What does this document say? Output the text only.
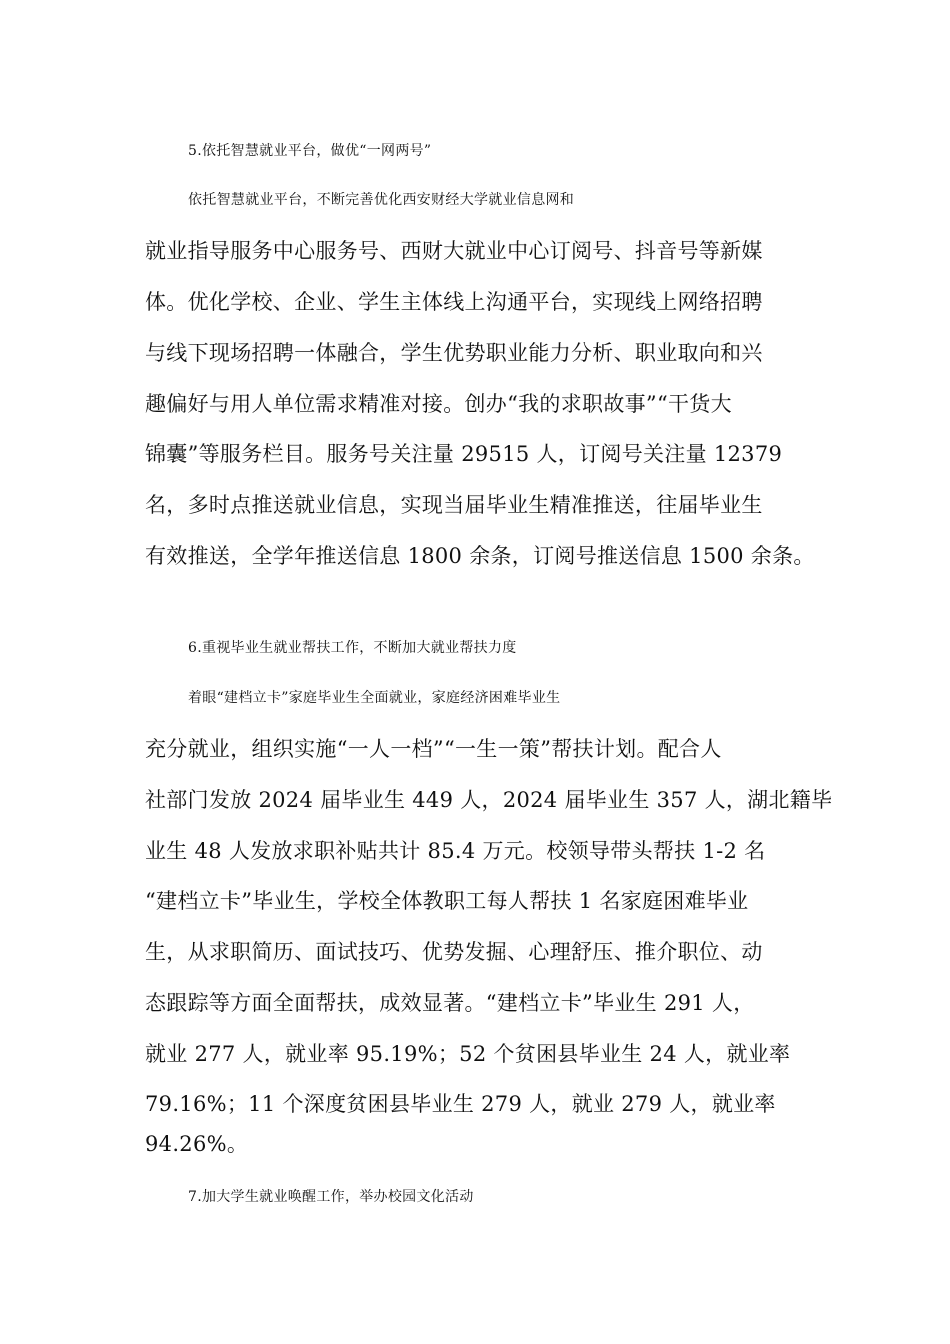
5.依托智慧就业平台，做优“一网两号”
依托智慧就业平台，不断完善优化西安财经大学就业信息网和
就业指导服务中心服务号、西财大就业中心订阅号、抖音号等新媒
体。优化学校、企业、学生主体线上沟通平台，实现线上网络招聘
与线下现场招聘一体融合，学生优势职业能力分析、职业取向和兴
趣偏好与用人单位需求精准对接。创办“我的求职故事”“干货大
锦囊”等服务栏目。服务号关注量 29515 人，订阅号关注量 12379
名，多时点推送就业信息，实现当届毕业生精准推送，往届毕业生
有效推送，全学年推送信息 1800 余条，订阅号推送信息 1500 余条。
6.重视毕业生就业帮扶工作，不断加大就业帮扶力度
着眼“建档立卡”家庭毕业生全面就业，家庭经济困难毕业生
充分就业，组织实施“一人一档”“一生一策”帮扶计划。配合人
社部门发放 2024 届毕业生 449 人，2024 届毕业生 357 人，湖北籍毕
业生 48 人发放求职补贴共计 85.4 万元。校领导带头帮扶 1-2 名
“建档立卡”毕业生，学校全体教职工每人帮扶 1 名家庭困难毕业
生，从求职简历、面试技巧、优势发掘、心理舒压、推介职位、动
态跟踪等方面全面帮扶，成效显著。“建档立卡”毕业生 291 人，
就业 277 人，就业率 95.19%；52 个贫困县毕业生 24 人，就业率
79.16%；11 个深度贫困县毕业生 279 人，就业 279 人，就业率
94.26%。
7.加大学生就业唤醒工作，举办校园文化活动
